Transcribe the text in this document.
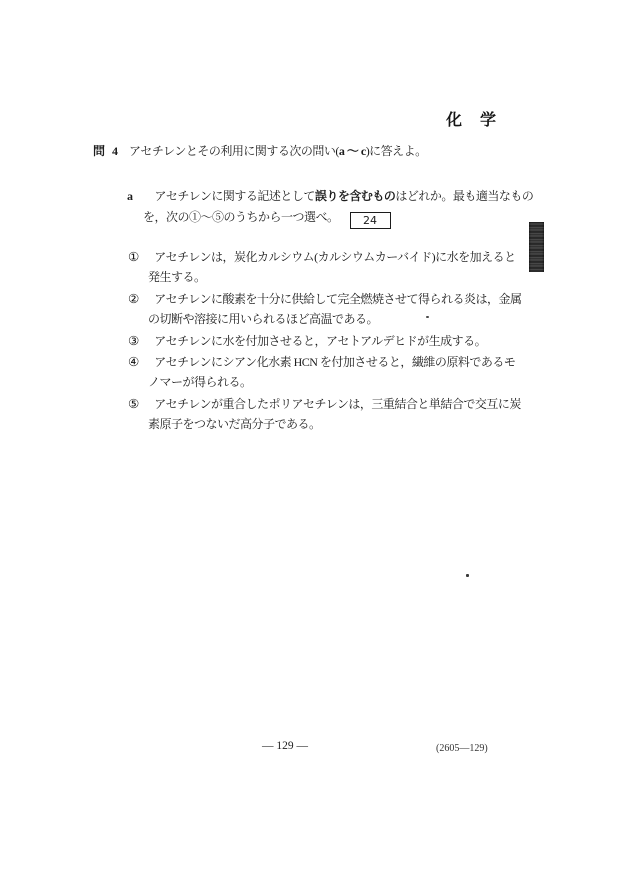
化　学
問 4 アセチレンとその利用に関する次の問い(a ～ c)に答えよ。
a アセチレンに関する記述として誤りを含むものはどれか。最も適当なもの
を，次の①～⑤のうちから一つ選べ。 24
① アセチレンは，炭化カルシウム(カルシウムカーバイド)に水を加えると
発生する。
② アセチレンに酸素を十分に供給して完全燃焼させて得られる炎は，金属
の切断や溶接に用いられるほど高温である。
③ アセチレンに水を付加させると，アセトアルデヒドが生成する。
④ アセチレンにシアン化水素 HCN を付加させると，繊維の原料であるモ
ノマーが得られる。
⑤ アセチレンが重合したポリアセチレンは，三重結合と単結合で交互に炭
素原子をつないだ高分子である。
— 129 —	(2605—129)
